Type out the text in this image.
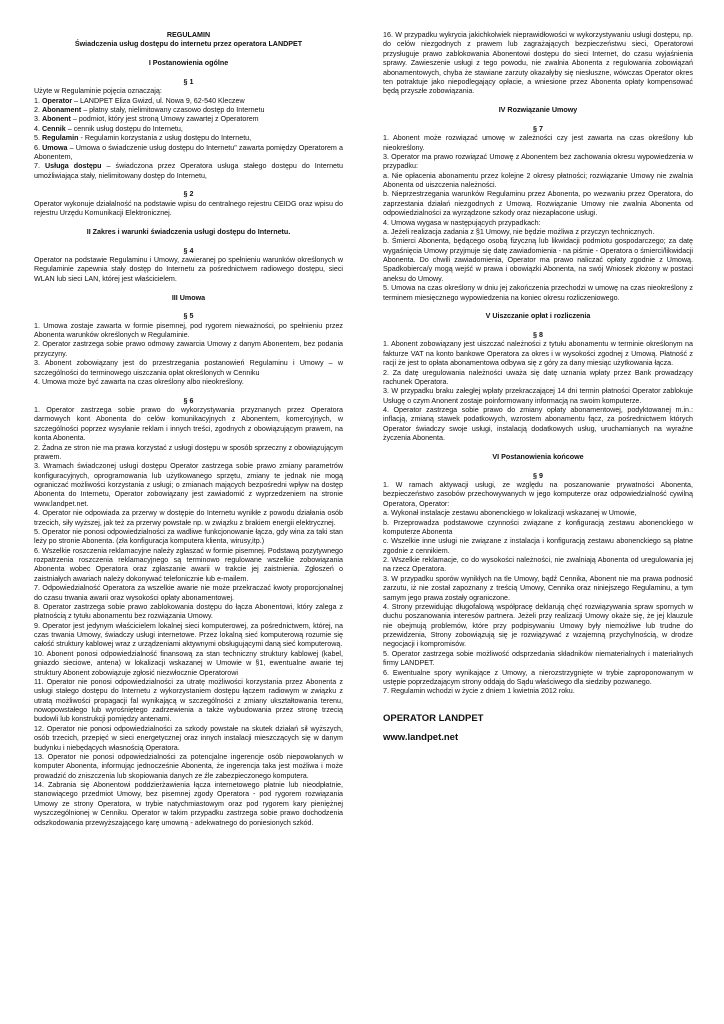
REGULAMIN

Świadczenia usług dostępu do internetu przez operatora LANDPET

I Postanowienia ogólne

§ 1

Użyte w Regulaminie pojęcia oznaczają:

1. Operator – LANDPET Eliza Gwizd, ul. Nowa 9, 62-540 Kleczew

2. Abonament – płatny stały, nielimitowany czasowo dostęp do Internetu

3. Abonent – podmiot, który jest stroną Umowy zawartej z Operatorem

4. Cennik – cennik usług dostępu do Internetu,

5. Regulamin - Regulamin korzystania z usług dostępu do Internetu,

6. Umowa – Umowa o świadczenie usług dostępu do Internetu" zawarta pomiędzy Operatorem a Abonentem,

7. Usługa dostępu – świadczona przez Operatora usługa stałego dostępu do Internetu umożliwiająca stały, nielimitowany dostęp do Internetu,

§ 2

Operator wykonuje działalność na podstawie wpisu do centralnego rejestru CEIDG oraz wpisu do rejestru Urzędu Komunikacji Elektronicznej.

II Zakres i warunki świadczenia usługi dostępu do Internetu.

§ 4

Operator na podstawie Regulaminu i Umowy, zawieranej po spełnieniu warunków określonych w Regulaminie zapewnia stały dostęp do Internetu za pośrednictwem radiowego dostępu, sieci WLAN lub sieci LAN, której jest właścicielem.

III Umowa

§ 5

1. Umowa zostaje zawarta w formie pisemnej, pod rygorem nieważności, po spełnieniu przez Abonenta warunków określonych w Regulaminie.

2. Operator zastrzega sobie prawo odmowy zawarcia Umowy z danym Abonentem, bez podania przyczyny.

3. Abonent zobowiązany jest do przestrzegania postanowień Regulaminu i Umowy – w szczególności do terminowego uiszczania opłat określonych w Cenniku

4. Umowa może być zawarta na czas określony albo nieokreślony.

§ 6

1. Operator zastrzega sobie prawo do wykorzystywania przyznanych przez Operatora darmowych kont Abonenta do celów komunikacyjnych z Abonentem, komercyjnych, w szczególności poprzez wysyłanie reklam i innych treści, zgodnych z obowiązującym prawem, na konta Abonenta.

2. Żadna ze stron nie ma prawa korzystać z usługi dostępu w sposób sprzeczny z obowiązującym prawem.

3. Wramach świadczonej usługi dostępu Operator zastrzega sobie prawo zmiany parametrów konfiguracyjnych, oprogramowania lub użytkowanego sprzętu, zmiany te jednak nie mogą ograniczać możliwości korzystania z usługi; o zmianach mających bezpośredni wpływ na dostęp Abonenta do Internetu, Operator zobowiązany jest zawiadomić z wyprzedzeniem na stronie www.landpet.net.

4. Operator nie odpowiada za przerwy w dostępie do Internetu wynikłe z powodu działania osób trzecich, siły wyższej, jak też za przerwy powstałe np. w związku z brakiem energii elektrycznej.

5. Operator nie ponosi odpowiedzialności za wadliwe funkcjonowanie łącza, gdy wina za taki stan leży po stronie Abonenta. (zła konfiguracja komputera klienta, wirusy,itp.)

6. Wszelkie roszczenia reklamacyjne należy zgłaszać w formie pisemnej. Podstawą pozytywnego rozpatrzenia roszczenia reklamacyjnego są terminowo regulowane wszelkie zobowiązania Abonenta wobec Operatora oraz zgłaszanie awarii w trakcie jej zaistnienia. Zgłoszeń o zaistniałych awariach należy dokonywać telefonicznie lub e-mailem.

7. Odpowiedzialność Operatora za wszelkie awarie nie może przekraczać kwoty proporcjonalnej do czasu trwania awarii oraz wysokości opłaty abonamentowej.

8. Operator zastrzega sobie prawo zablokowania dostępu do łącza Abonentowi, który zalega z płatnością z tytułu abonamentu bez rozwiązania Umowy.

9. Operator jest jedynym właścicielem lokalnej sieci komputerowej, za pośrednictwem, której, na czas trwania Umowy, świadczy usługi internetowe. Przez lokalną sieć komputerową rozumie się całość struktury kablowej wraz z urządzeniami aktywnymi obsługującymi daną sieć komputerową.

10. Abonent ponosi odpowiedzialność finansową za stan techniczny struktury kablowej (kabel, gniazdo sieciowe, antena) w lokalizacji wskazanej w Umowie w §1, ewentualne awarie tej struktury Abonent zobowiązuje zgłosić niezwłocznie Operatorowi

11. Operator nie ponosi odpowiedzialności za utratę możliwości korzystania przez Abonenta z usługi stałego dostępu do Internetu z wykorzystaniem dostępu łączem radiowym w związku z utratą możliwości propagacji fal wynikającą w szczególności z zmiany ukształtowania terenu, nowopowstałego lub wyrośniętego zadrzewienia a także wybudowania przez stronę trzecią budowli lub konstrukcji pomiędzy antenami.

12. Operator nie ponosi odpowiedzialności za szkody powstałe na skutek działań sił wyższych, osób trzecich, przepięć w sieci energetycznej oraz innych instalacji mieszczących się w danym budynku i niebędących własnością Operatora.

13. Operator nie ponosi odpowiedzialności za potencjalne ingerencje osób niepowołanych w komputer Abonenta, informując jednocześnie Abonenta, że ingerencja taka jest możliwa i może prowadzić do zniszczenia lub skopiowania danych ze źle zabezpieczonego komputera.

14. Zabrania się Abonentowi poddzierżawienia łącza internetowego płatnie lub nieodpłatnie, stanowiącego przedmiot Umowy, bez pisemnej zgody Operatora - pod rygorem rozwiązania Umowy ze strony Operatora, w trybie natychmiastowym oraz pod rygorem kary pieniężnej wyszczególnionej w Cenniku. Operator w takim przypadku zastrzega sobie prawo dochodzenia odszkodowania przewyższającego karę umowną - adekwatnego do poniesionych szkód.

16. W przypadku wykrycia jakichkolwiek nieprawidłowości w wykorzystywaniu usługi dostępu, np. do celów niezgodnych z prawem lub zagrażających bezpieczeństwu sieci, Operatorowi przysługuje prawo zablokowania Abonentowi dostępu do sieci Internet, do czasu wyjaśnienia sprawy. Zawieszenie usługi z tego powodu, nie zwalnia Abonenta z regulowania zobowiązań abonamentowych, chyba że stawiane zarzuty okazałyby się niesłuszne, wówczas Operator okres ten potraktuje jako niepodlegający opłacie, a wniesione przez Abonenta opłaty kompensować będą przyszłe zobowiązania.

IV Rozwiązanie Umowy

§ 7

1. Abonent może rozwiązać umowę w zależności czy jest zawarta na czas określony lub nieokreślony.

3. Operator ma prawo rozwiązać Umowę z Abonentem bez zachowania okresu wypowiedzenia w przypadku:

a. Nie opłacenia abonamentu przez kolejne 2 okresy płatności; rozwiązanie Umowy nie zwalnia Abonenta od uiszczenia należności.

b. Nieprzestrzegania warunków Regulaminu przez Abonenta, po wezwaniu przez Operatora, do zaprzestania działań niezgodnych z Umową. Rozwiązanie Umowy nie zwalnia Abonenta od odpowiedzialności za wyrządzone szkody oraz niezapłacone usługi.

4. Umowa wygasa w następujących przypadkach:

a. Jeżeli realizacja zadania z §1 Umowy, nie będzie możliwa z przyczyn technicznych.

b. Śmierci Abonenta, będącego osobą fizyczną lub likwidacji podmiotu gospodarczego; za datę wygaśnięcia Umowy przyjmuje się datę zawiadomienia - na piśmie - Operatora o śmierci/likwidacji Abonenta. Do chwili zawiadomienia, Operator ma prawo naliczać opłaty zgodnie z Umową. Spadkobierca/y mogą wejść w prawa i obowiązki Abonenta, na swój Wniosek złożony w postaci aneksu do Umowy.

5. Umowa na czas określony w dniu jej zakończenia przechodzi w umowę na czas nieokreślony z terminem miesięcznego wypowiedzenia na koniec okresu rozliczeniowego.

V Uiszczanie opłat i rozliczenia

§ 8

1. Abonent zobowiązany jest uiszczać należności z tytułu abonamentu w terminie określonym na fakturze VAT na konto bankowe Operatora za okres i w wysokości zgodnej z Umową. Płatność z racji że jest to opłata abonamentowa odbywa się z góry za dany miesiąc użytkowania łącza.

2. Za datę uregulowania należności uważa się datę uznania wpłaty przez Bank prowadzący rachunek Operatora.

3. W przypadku braku załegłej wpłaty przekraczającej 14 dni termin płatności Operator zablokuje Usługę o czym Anonent zostaje poinformowany informacją na swoim komputerze.

4. Operator zastrzega sobie prawo do zmiany opłaty abonamentowej, podyktowanej m.in.: inflacją, zmianą stawek podatkowych, wzrostem abonamentu fącz, za pośrednictwem których Operator świadczy swoje usługi, instalacją dodatkowych usług, uruchamianych na wyraźne życzenia Abonenta.

VI Postanowienia końcowe

§ 9

1. W ramach aktywacji usługi, ze względu na poszanowanie prywatności Abonenta, bezpieczeństwo zasobów przechowywanych w jego komputerze oraz odpowiedzialność cywilną Operatora, Operator:

a. Wykonał instalacje zestawu abonenckiego w lokalizacji wskazanej w Umowie,

b. Przeprowadza podstawowe czynności związane z konfiguracją zestawu abonenckiego w komputerze Abonenta

c. Wszelkie inne usługi nie związane z instalacja i konfiguracją zestawu abonenckiego są płatne zgodnie z cennikiem.

2. Wszelkie reklamacje, co do wysokości należności, nie zwalniają Abonenta od uregulowania jej na rzecz Operatora.

3. W przypadku sporów wynikłych na tle Umowy, bądź Cennika, Abonent nie ma prawa podnosić zarzutu, iż nie został zapoznany z treścią Umowy, Cennika oraz niniejszego Regulaminu, a tym samym jego prawa zostały ograniczone.

4. Strony przewidując długofalową współpracę deklarują chęć rozwiązywania spraw spornych w duchu poszanowania interesów partnera. Jeżeli przy realizacji Umowy okaże się, że jej klauzule nie obejmują problemów, które przy podpisywaniu Umowy były niemożliwe lub trudne do przewidzenia, Strony zobowiązują się je rozwiązywać z wzajemną przychylnością, w drodze negocjacji i kompromisów.

5. Operator zastrzega sobie możliwość odsprzedania składników niematerialnych i materialnych firmy LANDPET.

6. Ewentualne spory wynikające z Umowy, a nierozstrzygnięte w trybie zaproponowanym w ustępie poprzedzającym strony oddają do Sądu właściwego dla siedziby pozwanego.

7. Regulamin wchodzi w życie z dniem 1 kwietnia 2012 roku.

OPERATOR LANDPET

www.landpet.net
